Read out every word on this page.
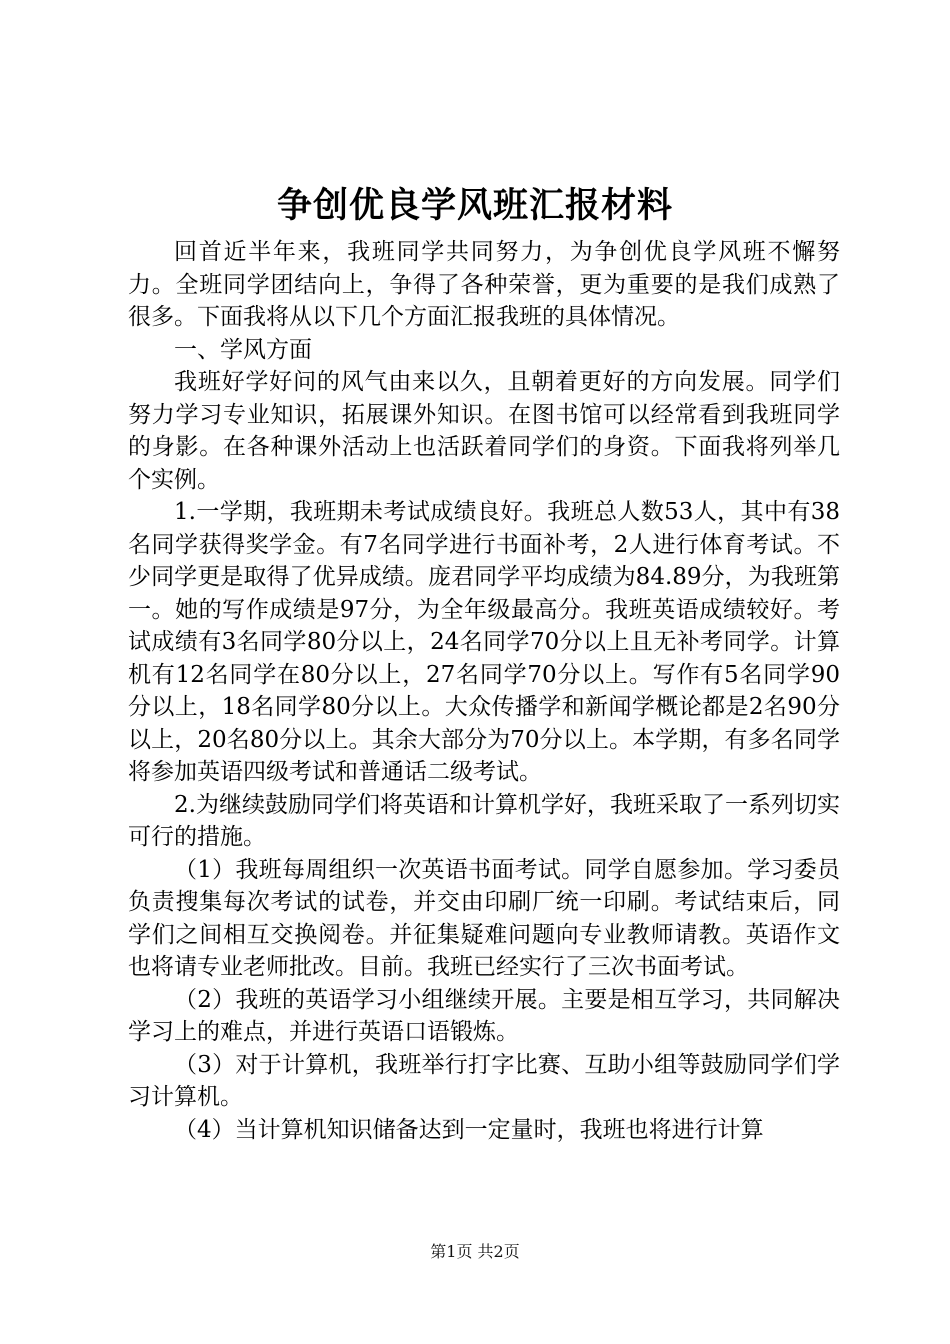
争创优良学风班汇报材料

回首近半年来，我班同学共同努力，为争创优良学风班不懈努力。全班同学团结向上，争得了各种荣誉，更为重要的是我们成熟了很多。下面我将从以下几个方面汇报我班的具体情况。

一、学风方面

我班好学好问的风气由来以久，且朝着更好的方向发展。同学们努力学习专业知识，拓展课外知识。在图书馆可以经常看到我班同学的身影。在各种课外活动上也活跃着同学们的身资。下面我将列举几个实例。

1.一学期，我班期未考试成绩良好。我班总人数53人，其中有38名同学获得奖学金。有7名同学进行书面补考，2人进行体育考试。不少同学更是取得了优异成绩。庞君同学平均成绩为84.89分，为我班第一。她的写作成绩是97分，为全年级最高分。我班英语成绩较好。考试成绩有3名同学80分以上，24名同学70分以上且无补考同学。计算机有12名同学在80分以上，27名同学70分以上。写作有5名同学90分以上，18名同学80分以上。大众传播学和新闻学概论都是2名90分以上，20名80分以上。其余大部分为70分以上。本学期，有多名同学将参加英语四级考试和普通话二级考试。

2.为继续鼓励同学们将英语和计算机学好，我班采取了一系列切实可行的措施。

（1）我班每周组织一次英语书面考试。同学自愿参加。学习委员负责搜集每次考试的试卷，并交由印刷厂统一印刷。考试结束后，同学们之间相互交换阅卷。并征集疑难问题向专业教师请教。英语作文也将请专业老师批改。目前。我班已经实行了三次书面考试。

（2）我班的英语学习小组继续开展。主要是相互学习，共同解决学习上的难点，并进行英语口语锻炼。

（3）对于计算机，我班举行打字比赛、互助小组等鼓励同学们学习计算机。

（4）当计算机知识储备达到一定量时，我班也将进行计算

第1页 共2页
